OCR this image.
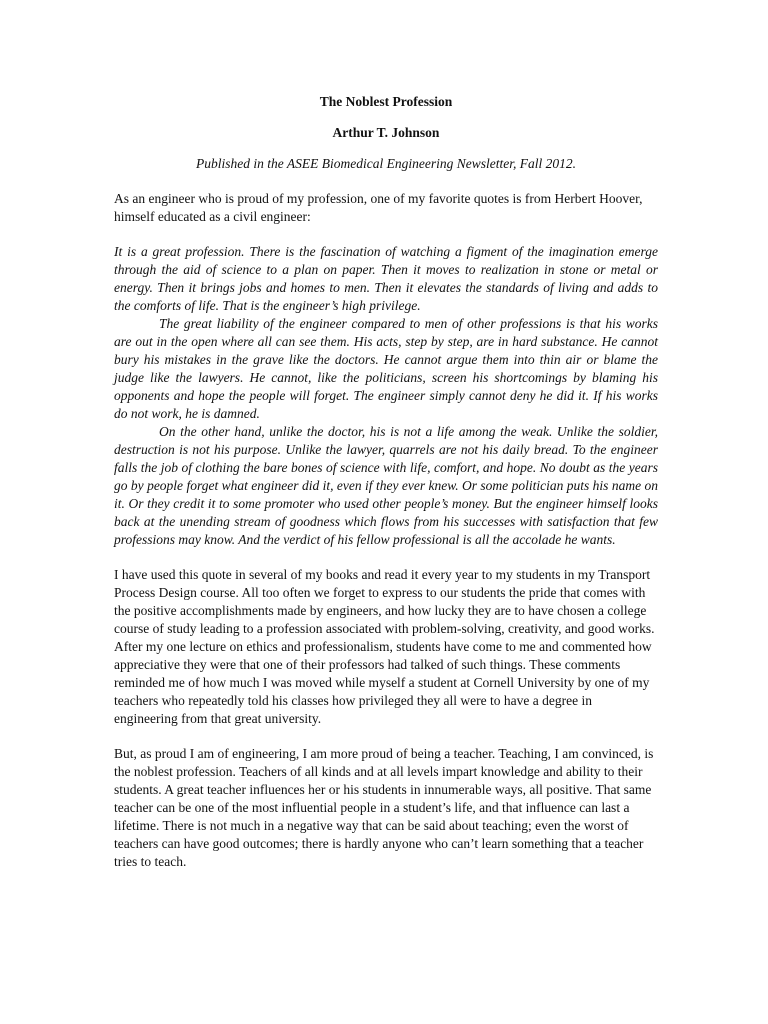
The Noblest Profession

Arthur T. Johnson

Published in the ASEE Biomedical Engineering Newsletter, Fall 2012.

As an engineer who is proud of my profession, one of my favorite quotes is from Herbert Hoover, himself educated as a civil engineer:

It is a great profession. There is the fascination of watching a figment of the imagination emerge through the aid of science to a plan on paper. Then it moves to realization in stone or metal or energy. Then it brings jobs and homes to men. Then it elevates the standards of living and adds to the comforts of life. That is the engineer’s high privilege.

The great liability of the engineer compared to men of other professions is that his works are out in the open where all can see them. His acts, step by step, are in hard substance. He cannot bury his mistakes in the grave like the doctors. He cannot argue them into thin air or blame the judge like the lawyers. He cannot, like the politicians, screen his shortcomings by blaming his opponents and hope the people will forget. The engineer simply cannot deny he did it. If his works do not work, he is damned.

On the other hand, unlike the doctor, his is not a life among the weak. Unlike the soldier, destruction is not his purpose. Unlike the lawyer, quarrels are not his daily bread. To the engineer falls the job of clothing the bare bones of science with life, comfort, and hope. No doubt as the years go by people forget what engineer did it, even if they ever knew. Or some politician puts his name on it. Or they credit it to some promoter who used other people’s money. But the engineer himself looks back at the unending stream of goodness which flows from his successes with satisfaction that few professions may know. And the verdict of his fellow professional is all the accolade he wants.

I have used this quote in several of my books and read it every year to my students in my Transport Process Design course. All too often we forget to express to our students the pride that comes with the positive accomplishments made by engineers, and how lucky they are to have chosen a college course of study leading to a profession associated with problem-solving, creativity, and good works. After my one lecture on ethics and professionalism, students have come to me and commented how appreciative they were that one of their professors had talked of such things. These comments reminded me of how much I was moved while myself a student at Cornell University by one of my teachers who repeatedly told his classes how privileged they all were to have a degree in engineering from that great university.

But, as proud I am of engineering, I am more proud of being a teacher. Teaching, I am convinced, is the noblest profession. Teachers of all kinds and at all levels impart knowledge and ability to their students. A great teacher influences her or his students in innumerable ways, all positive. That same teacher can be one of the most influential people in a student’s life, and that influence can last a lifetime. There is not much in a negative way that can be said about teaching; even the worst of teachers can have good outcomes; there is hardly anyone who can’t learn something that a teacher tries to teach.
